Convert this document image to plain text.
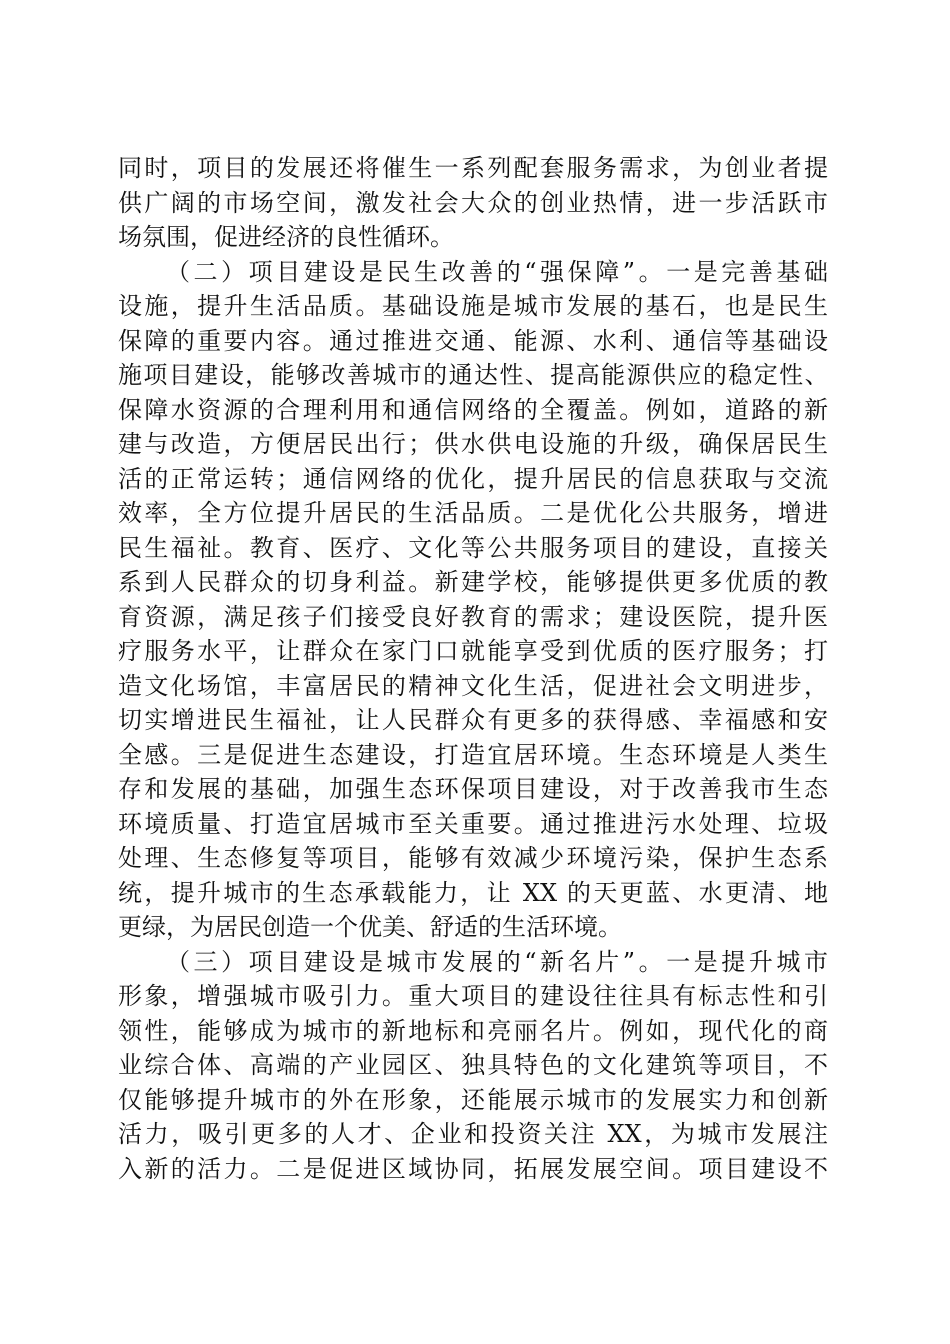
同时，项目的发展还将催生一系列配套服务需求，为创业者提
供广阔的市场空间，激发社会大众的创业热情，进一步活跃市
场氛围，促进经济的良性循环。
（二）项目建设是民生改善的“强保障”。一是完善基础
设施，提升生活品质。基础设施是城市发展的基石，也是民生
保障的重要内容。通过推进交通、能源、水利、通信等基础设
施项目建设，能够改善城市的通达性、提高能源供应的稳定性、
保障水资源的合理利用和通信网络的全覆盖。例如，道路的新
建与改造，方便居民出行；供水供电设施的升级，确保居民生
活的正常运转；通信网络的优化，提升居民的信息获取与交流
效率，全方位提升居民的生活品质。二是优化公共服务，增进
民生福祉。教育、医疗、文化等公共服务项目的建设，直接关
系到人民群众的切身利益。新建学校，能够提供更多优质的教
育资源，满足孩子们接受良好教育的需求；建设医院，提升医
疗服务水平，让群众在家门口就能享受到优质的医疗服务；打
造文化场馆，丰富居民的精神文化生活，促进社会文明进步，
切实增进民生福祉，让人民群众有更多的获得感、幸福感和安
全感。三是促进生态建设，打造宜居环境。生态环境是人类生
存和发展的基础，加强生态环保项目建设，对于改善我市生态
环境质量、打造宜居城市至关重要。通过推进污水处理、垃圾
处理、生态修复等项目，能够有效减少环境污染，保护生态系
统，提升城市的生态承载能力，让 XX 的天更蓝、水更清、地
更绿，为居民创造一个优美、舒适的生活环境。
（三）项目建设是城市发展的“新名片”。一是提升城市
形象，增强城市吸引力。重大项目的建设往往具有标志性和引
领性，能够成为城市的新地标和亮丽名片。例如，现代化的商
业综合体、高端的产业园区、独具特色的文化建筑等项目，不
仅能够提升城市的外在形象，还能展示城市的发展实力和创新
活力，吸引更多的人才、企业和投资关注 XX，为城市发展注
入新的活力。二是促进区域协同，拓展发展空间。项目建设不
